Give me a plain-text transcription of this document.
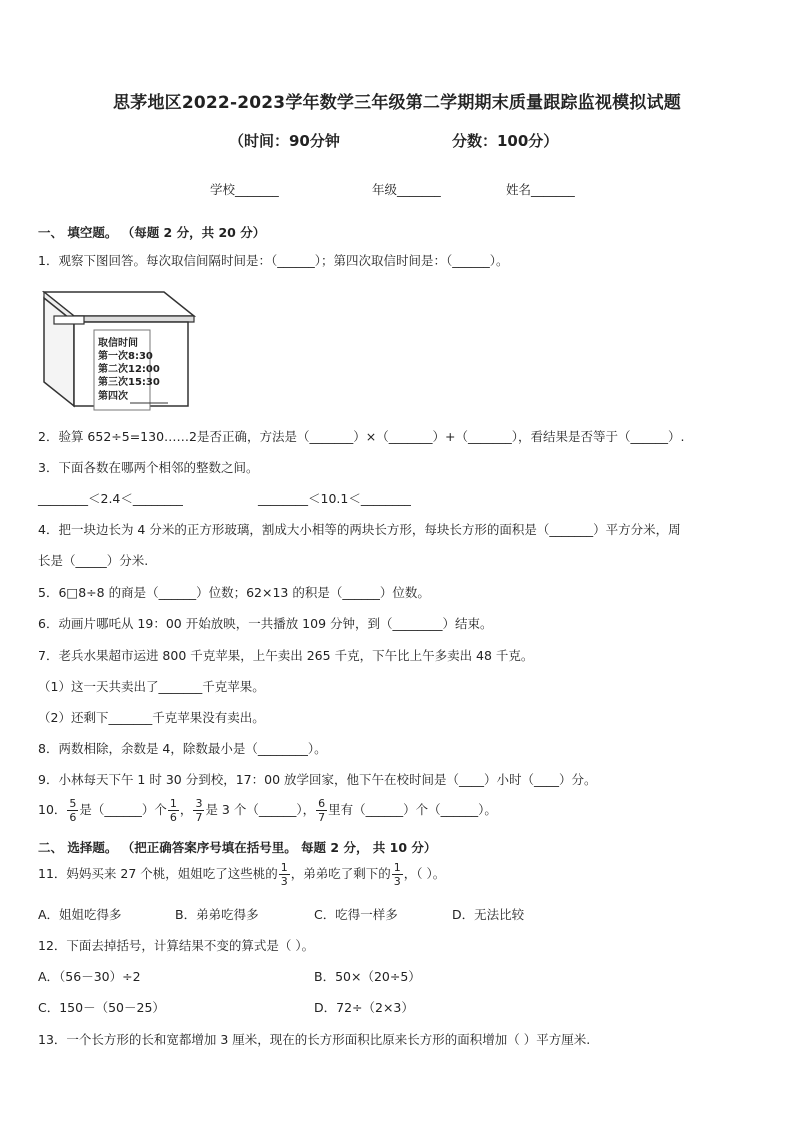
思茅地区2022-2023学年数学三年级第二学期期末质量跟踪监视模拟试题
（时间：90分钟	分数：100分）
学校_______	年级_______	姓名_______
一、 填空题。 （每题 2 分，共 20 分）
1．观察下图回答。每次取信间隔时间是：（______）；第四次取信时间是：（______）。
取信时间
第一次8:30
第二次12:00
第三次15:30
第四次
2．验算 652÷5=130……2是否正确，方法是（_______）×（_______）+（_______），看结果是否等于（______）.
3．下面各数在哪两个相邻的整数之间。
________＜2.4＜________	________＜10.1＜________
4．把一块边长为 4 分米的正方形玻璃，割成大小相等的两块长方形，每块长方形的面积是（_______）平方分米，周
长是（_____）分米.
5．6□8÷8 的商是（______）位数；62×13 的积是（______）位数。
6．动画片哪吒从 19：00 开始放映，一共播放 109 分钟，到（________）结束。
7．老兵水果超市运进 800 千克苹果，上午卖出 265 千克，下午比上午多卖出 48 千克。
（1）这一天共卖出了_______千克苹果。
（2）还剩下_______千克苹果没有卖出。
8．两数相除，余数是 4，除数最小是（________）。
9．小林每天下午 1 时 30 分到校，17：00 放学回家，他下午在校时间是（____）小时（____）分。
10． $\frac{5}{6}$ 是（______）个 $\frac{1}{6}$ ， $\frac{3}{7}$ 是 3 个（______）， $\frac{6}{7}$ 里有（______）个（______）。
二、 选择题。 （把正确答案序号填在括号里。 每题 2 分， 共 10 分）
11．妈妈买来 27 个桃，姐姐吃了这些桃的 $\frac{1}{3}$ ，弟弟吃了剩下的 $\frac{1}{3}$ ，（ ）。
A．姐姐吃得多	B．弟弟吃得多	C．吃得一样多	D．无法比较
12．下面去掉括号，计算结果不变的算式是（ ）。
A．（56－30）÷2	B．50×（20÷5）
C．150－（50－25）	D．72÷（2×3）
13．一个长方形的长和宽都增加 3 厘米，现在的长方形面积比原来长方形的面积增加（ ）平方厘米.
